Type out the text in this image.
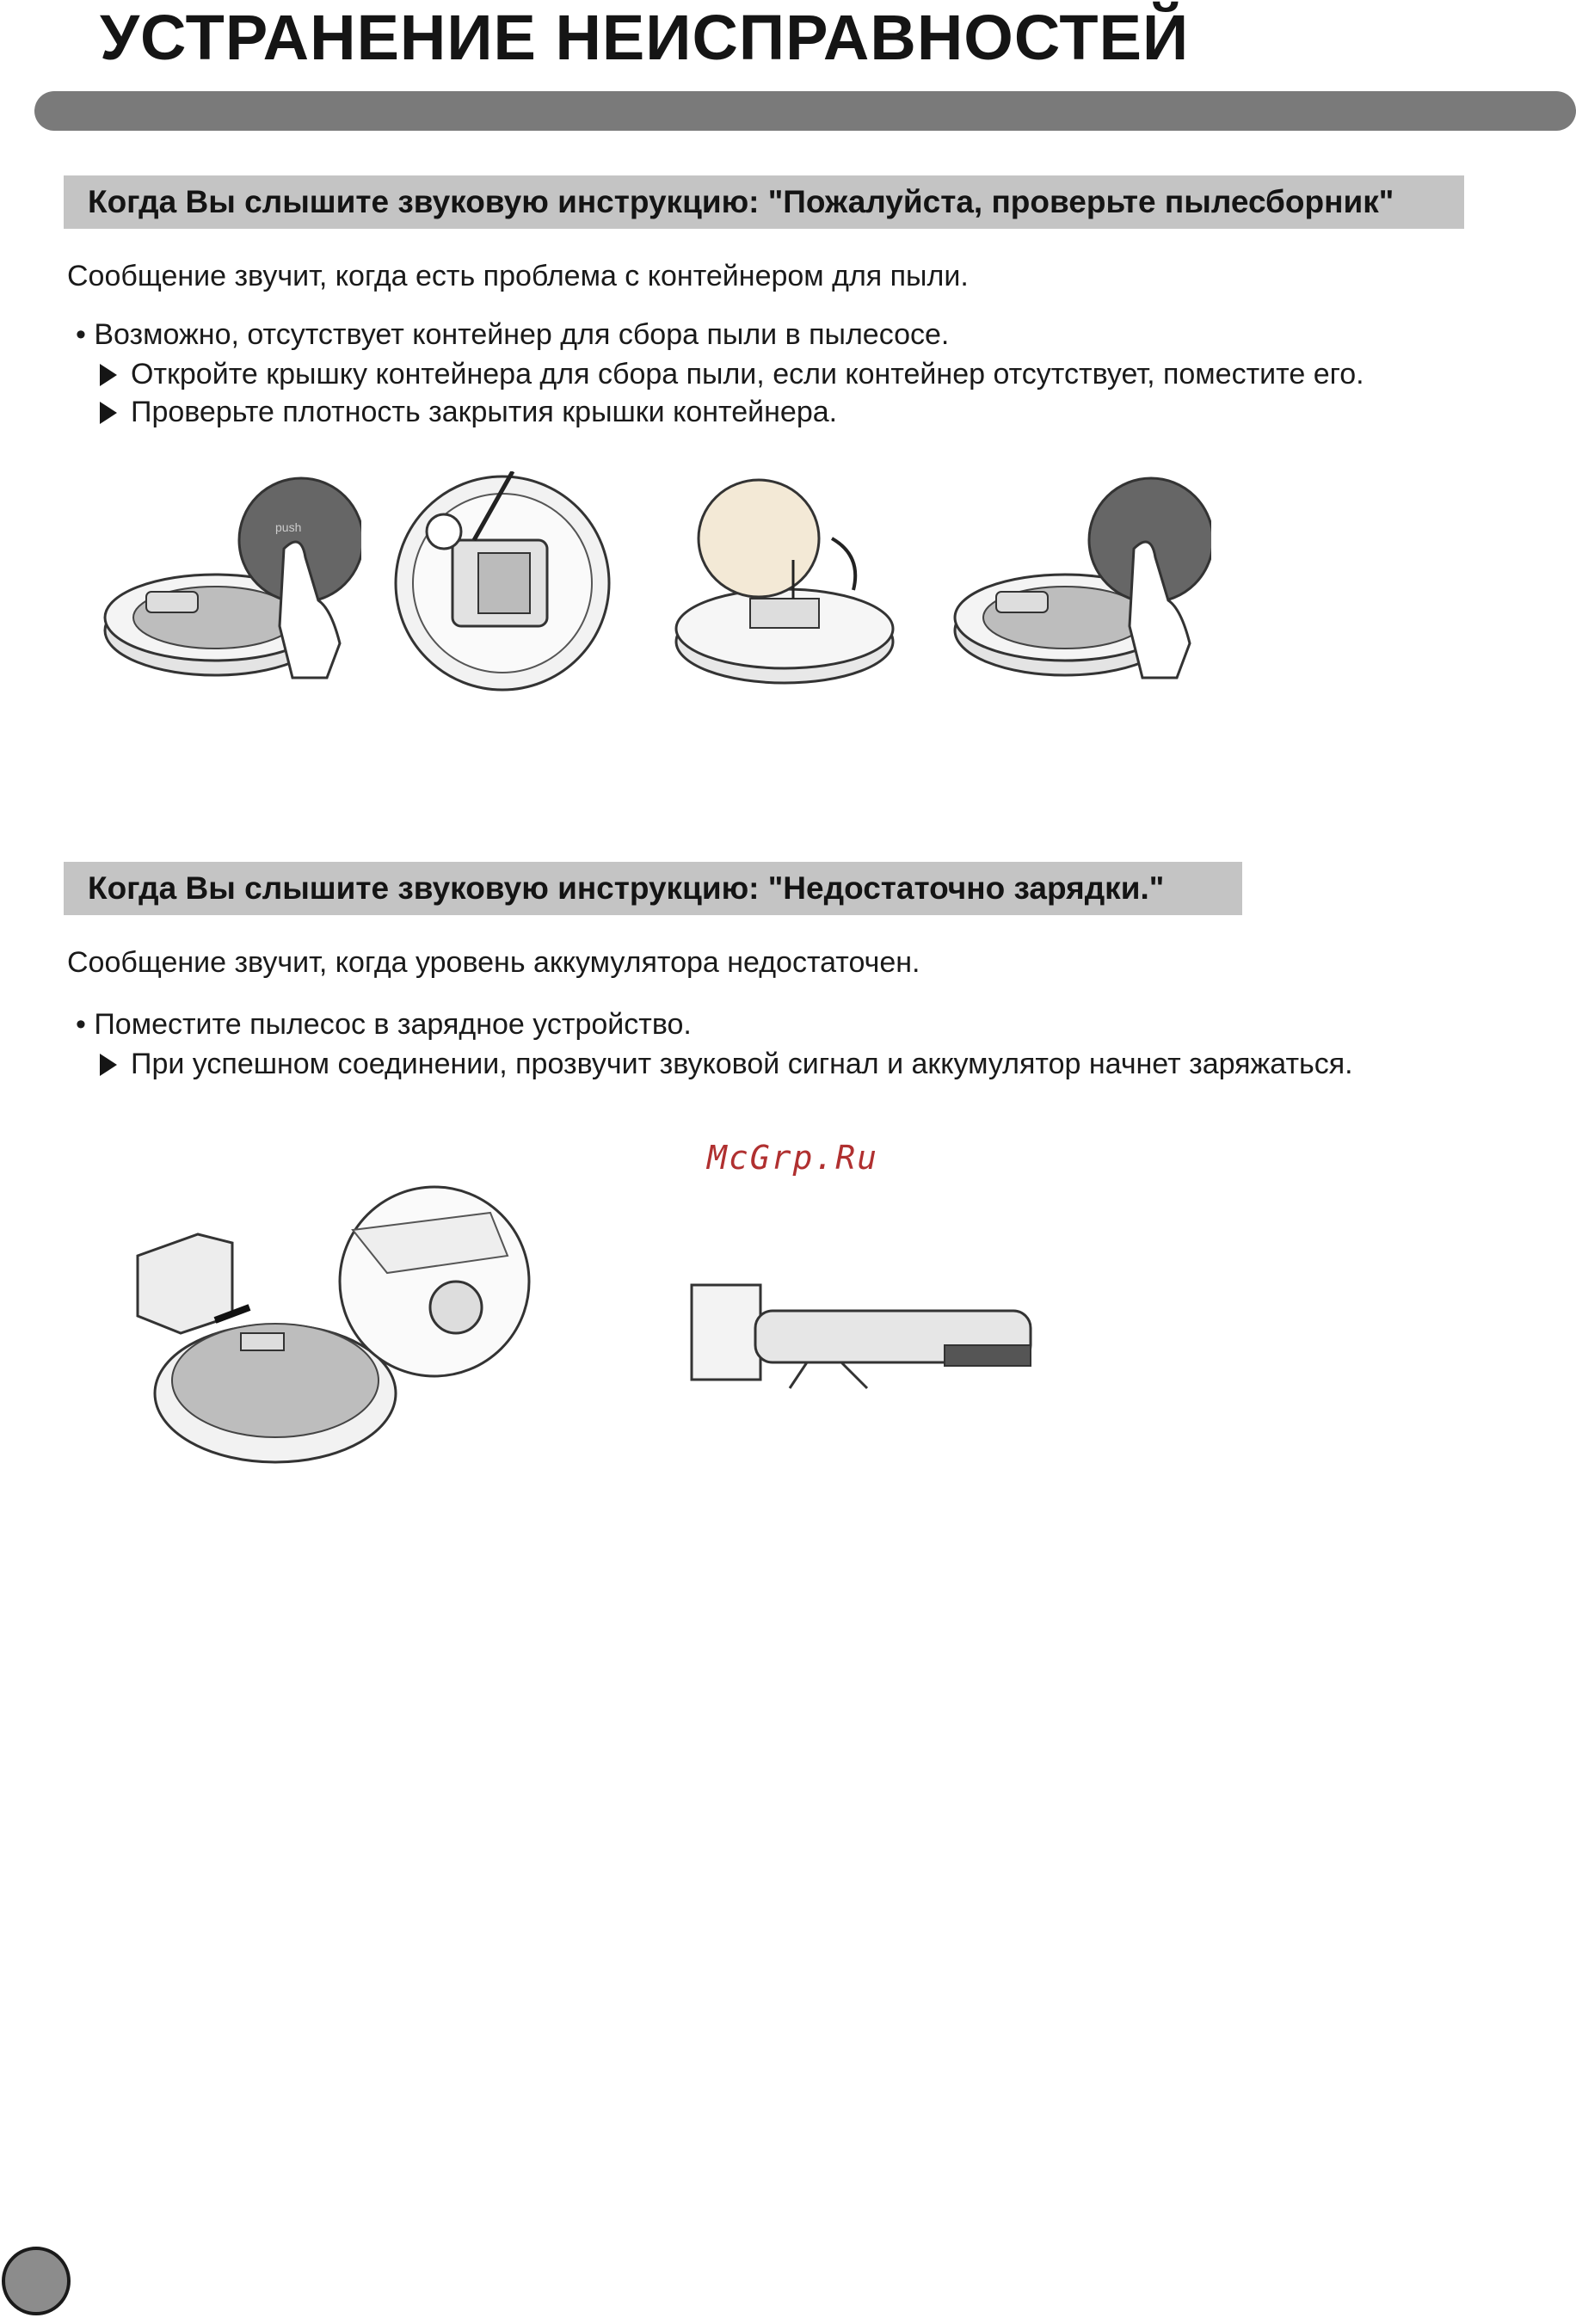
УСТРАНЕНИЕ НЕИСПРАВНОСТЕЙ
Когда Вы слышите звуковую инструкцию: "Пожалуйста, проверьте пылесборник"
Сообщение звучит, когда есть проблема с контейнером для пыли.
• Возможно, отсутствует контейнер для сбора пыли в пылесосе.
Откройте крышку контейнера для сбора пыли, если контейнер отсутствует, поместите его.
Проверьте плотность закрытия крышки контейнера.
push
Когда Вы слышите звуковую инструкцию: "Недостаточно зарядки."
Сообщение звучит, когда уровень аккумулятора недостаточен.
• Поместите пылесос в зарядное устройство.
При успешном соединении, прозвучит звуковой сигнал и аккумулятор начнет заряжаться.
McGrp.Ru
